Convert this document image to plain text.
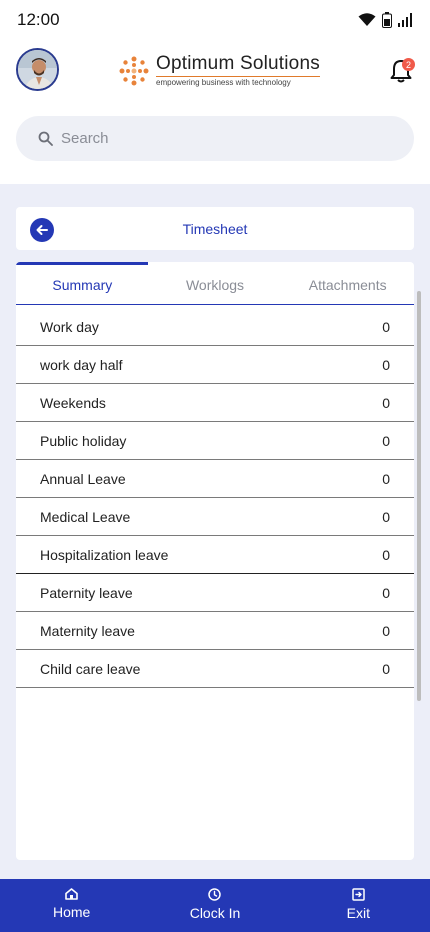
12:00
Optimum Solutions
empowering business with technology
2
Search
Timesheet
Summary	Worklogs	Attachments
Work day	0
work day half	0
Weekends	0
Public holiday	0
Annual Leave	0
Medical Leave	0
Hospitalization leave	0
Paternity leave	0
Maternity leave	0
Child care leave	0
Home	Clock In	Exit
